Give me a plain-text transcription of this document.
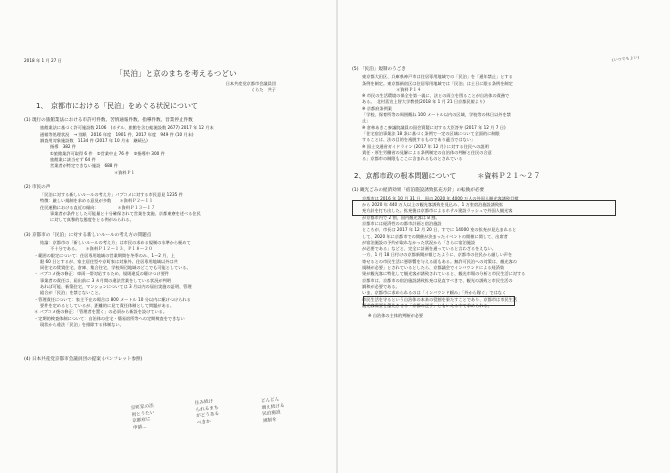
2018 年 1 月 27 日
「民泊」と京のまちを考えるつどい
日本共産党京都市会議員団
くらた　共子
1、　京都市における「民泊」をめぐる状況について
(1) 現行の旅館業法における市許可件数、苦情通報件数、指導件数、営業停止件数
旅館業法に基づく許可施設数 2106　(ホテル、旅館を含む総施設数 2677) 2017 年 12 月末
通報等処理状況　→ 別紙　2016 年度　1901 件、2017 年度　949 件 (10 月末)
調査用対象施設数　1134 件 (2017 年 10 月末　継続込)
指導　382 件
①旅館業許可取得 6 件　②営業中止 76 件　③指導中 300 件
旅館業に該当せず 64 件
営業者が特定できない施設　688 件
＊資料Ｐ１
(2) 市民の声
「民泊に対する新しいルールの考え方」パブコメに対する市民意見 1235 件
特徴：厳しい規制を求める意見が多数　　＊資料Ｐ２～１１
住民運動における直近の傾向：　　　　　＊資料Ｐ１３～１７
事業者が条件とした可能量と十分確保されて営業を実施、京都東寮を述べる住民
に対して真摯的な態度をとる例がみられる。
(3) 京都市の「民泊」に対する新しいルールの考え方の問題点
結論：京都市の「新しいルールの考え方」は市民の求める規制の水準から極めて
不十分である。　　＊資料Ｐ１２～１３、Ｐ１８～２０
・範囲の限定について：住居専用地域の営業期間を冬季のみ、1～2 月、上
限 60 日とするが、家主居住型や京町家は対象外。住居専用地域以外は共
同住宅の賃貸住宅、倉庫、集合住宅、学校周辺地域のどこでも可能としている。
・ パブコメ後の修正：車両一帯対応するため、規則違反の駆けつけ要件
事業者の責任は、届出前に 3 カ月間の違法営業をしている状況が判明
あれば可能、新築住宅、マンションについては 3 月以内の届出実施の証明、管理
組合が「民泊」を禁じないこと。
・管理責任について：家主不在の場合は 800 メートル 10 分以内に駆けつけられる
要件を定めるとしているが、距離的に見て責任体制として問題がある。
＊ パブコメ後の修正：「管理者を置く」の必須から新設を設けている。
・定期的検査体制について：自治体の住宅・簡易宿所等への定期検査をできない
現状から違法「民泊」を排除する体制ない。
(4) 日本共産党京都市会議員団の提案 (パンフレット参照)
京町家の活
用とうたい
京都府に
申請…
住み続け
られるまち
がどうある
べきか
どんどん
増え続ける
民泊施設
規制を
(5) 「民泊」規制のうごき
東京都大田区、兵庫県神戸市は住居専用地域での「民泊」を「通年禁止」とする
条例を制定。東京都新宿区は住居専用地域では「民泊」は土日に限る条例を制定
＊資料Ｐ１４
※ 市民の生活環境の保全を第一義に、法との両立を図ることが自治体の責務で
ある。　北村喜宣上智大学教授(2018 年 1 月 21 日京都民報より)
※ 京都府条例案
「学校、保育所等の周囲概ね 100 メートル以内の区域、学校等の休日以外を禁
止」
※ 倉林あきこ参議院議員の国会質疑に対する大臣答弁 (2017 年 12 月 7 日)
「住宅宿泊事業法 18 条に基づく条例で一定の区域について全面的に制限
することは、法の目的を逸脱するものであり適当ではない」
※ 国土交通省ガイドライン (2017 年 12 月) に対する住民への説明
責任・厚生労働省の見解による条例制定の自治体の判断と住民の合意
る」京都市の制限もここに含まれるものとされている
2、京都市政の根本問題について　　　＊資料Ｐ２１～２７
(1) 観光ごみの経済効果「宿泊施設誘致拡充方針」の転換が必要
京都市は 2016 年 10 月 31 日、国の 2020 年 4000 万人の外国人観光客誘致目標
から 2020 年 440 万人以上の観光客誘致を見込み、1 万室宿泊施設誘致拡
充方針を打ち出した。拡充後は京都市によるホテル建設ラッシュで外国人観光客
が京都市内で 2 割、国内観光客は 8 割。
京都市には経済性のの都市計画と宿泊施設
ところが、市長は 2017 年 12 月 20 日、すでに 14000 室の拡充が見込まれると
して、2020 年に京都市での開催が決まったイベントの開催に関して、出席者
が宿泊施設の予約が取れなかった状況から「さらに宿泊施設
が必要である」などと、完全に計画を通っていると言わざるをえない。
一方、1 月 18 日付けの京都新聞が報じたように、京都市の住民から厳しい声を
寄せるとの市民生活に悪影響を与える面もある。無許可民泊への対策は、観光客の
規制が必要」とされているとしたら、京都議会でインバウンドによる経済効
果が観光客に特化して観光客が誘致されていると、観光市場の分析と市民生活に対する
京都市は、京都市の宿泊施設誘致拡充は見直すべきで、観光の誘致と市民生活の
調和が必要である。
いま、京都市に求められるのは「インバウンド頼み」「外から稼ぐ」ではなく
市民生活を守るという自治体の本来の役割を果たすことであり、京都市は市民生活
観光客需要を優先させる「京都の逆手」ともいえる中で求められる。
※ 自治体の主体的判断が必要
(いつでもよい)
